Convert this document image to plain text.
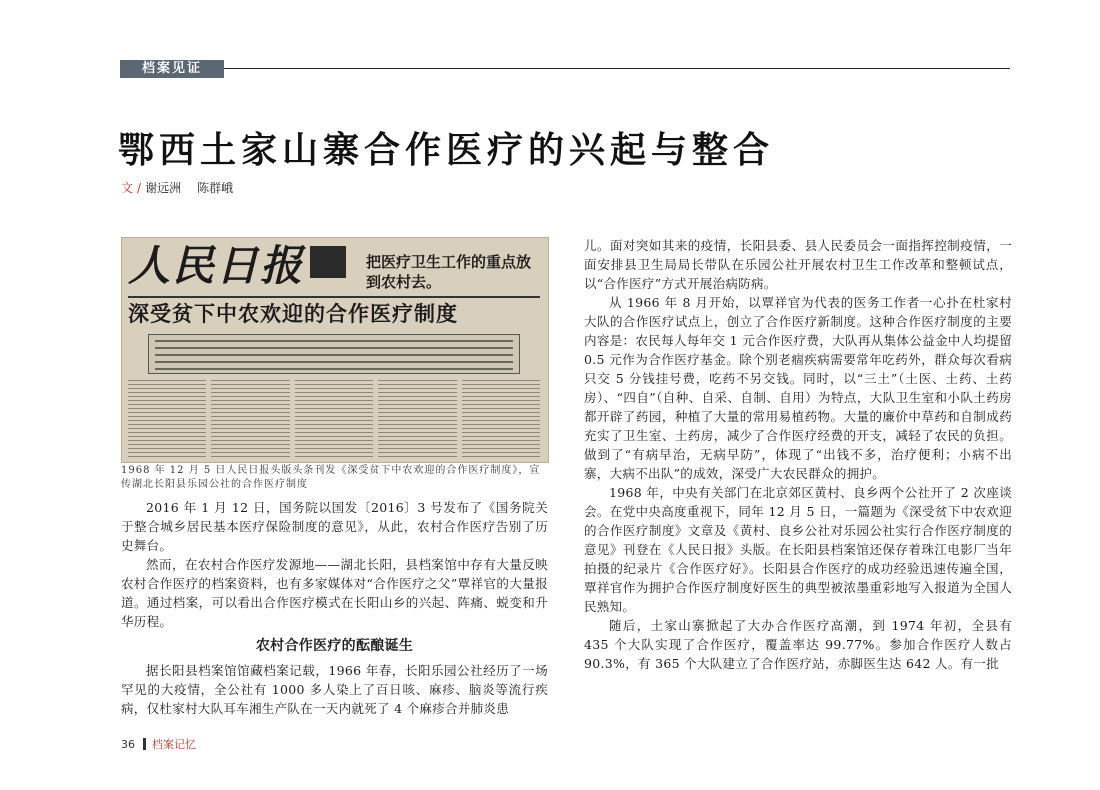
档案见证
鄂西土家山寨合作医疗的兴起与整合
文 / 谢远洲 陈群峨
人民日报	把医疗卫生工作的重点放到农村去。
深受贫下中农欢迎的合作医疗制度
1968 年 12 月 5 日人民日报头版头条刊发《深受贫下中农欢迎的合作医疗制度》，宣传湖北长阳县乐园公社的合作医疗制度

2016 年 1 月 12 日，国务院以国发〔2016〕3 号发布了《国务院关于整合城乡居民基本医疗保险制度的意见》，从此，农村合作医疗告别了历史舞台。

然而，在农村合作医疗发源地——湖北长阳，县档案馆中存有大量反映农村合作医疗的档案资料，也有多家媒体对“合作医疗之父”覃祥官的大量报道。通过档案，可以看出合作医疗模式在长阳山乡的兴起、阵痛、蜕变和升华历程。

农村合作医疗的酝酿诞生

据长阳县档案馆馆藏档案记载，1966 年春，长阳乐园公社经历了一场罕见的大疫情，全公社有 1000 多人染上了百日咳、麻疹、脑炎等流行疾病，仅杜家村大队耳车湘生产队在一天内就死了 4 个麻疹合并肺炎患

儿。面对突如其来的疫情，长阳县委、县人民委员会一面指挥控制疫情，一面安排县卫生局局长带队在乐园公社开展农村卫生工作改革和整顿试点，以“合作医疗”方式开展治病防病。

从 1966 年 8 月开始，以覃祥官为代表的医务工作者一心扑在杜家村大队的合作医疗试点上，创立了合作医疗新制度。这种合作医疗制度的主要内容是：农民每人每年交 1 元合作医疗费，大队再从集体公益金中人均提留 0.5 元作为合作医疗基金。除个别老痼疾病需要常年吃药外，群众每次看病只交 5 分钱挂号费，吃药不另交钱。同时，以“三土”（土医、土药、土药房）、“四自”（自种、自采、自制、自用）为特点，大队卫生室和小队土药房都开辟了药园，种植了大量的常用易植药物。大量的廉价中草药和自制成药充实了卫生室、土药房，减少了合作医疗经费的开支，减轻了农民的负担。做到了“有病早治，无病早防”，体现了“出钱不多，治疗便利；小病不出寨，大病不出队”的成效，深受广大农民群众的拥护。

1968 年，中央有关部门在北京郊区黄村、良乡两个公社开了 2 次座谈会。在党中央高度重视下，同年 12 月 5 日，一篇题为《深受贫下中农欢迎的合作医疗制度》文章及《黄村、良乡公社对乐园公社实行合作医疗制度的意见》刊登在《人民日报》头版。在长阳县档案馆还保存着珠江电影厂当年拍摄的纪录片《合作医疗好》。长阳县合作医疗的成功经验迅速传遍全国，覃祥官作为拥护合作医疗制度好医生的典型被浓墨重彩地写入报道为全国人民熟知。

随后，土家山寨掀起了大办合作医疗高潮，到 1974 年初，全县有 435 个大队实现了合作医疗，覆盖率达 99.77%。参加合作医疗人数占 90.3%，有 365 个大队建立了合作医疗站，赤脚医生达 642 人。有一批

36 档案记忆
